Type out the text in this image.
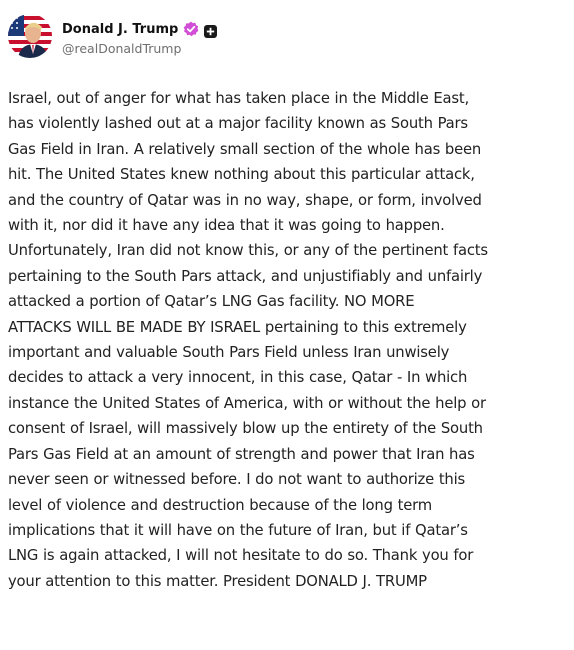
Donald J. Trump
@realDonaldTrump
Israel, out of anger for what has taken place in the Middle East,
has violently lashed out at a major facility known as South Pars
Gas Field in Iran. A relatively small section of the whole has been
hit. The United States knew nothing about this particular attack,
and the country of Qatar was in no way, shape, or form, involved
with it, nor did it have any idea that it was going to happen.
Unfortunately, Iran did not know this, or any of the pertinent facts
pertaining to the South Pars attack, and unjustifiably and unfairly
attacked a portion of Qatar’s LNG Gas facility. NO MORE
ATTACKS WILL BE MADE BY ISRAEL pertaining to this extremely
important and valuable South Pars Field unless Iran unwisely
decides to attack a very innocent, in this case, Qatar - In which
instance the United States of America, with or without the help or
consent of Israel, will massively blow up the entirety of the South
Pars Gas Field at an amount of strength and power that Iran has
never seen or witnessed before. I do not want to authorize this
level of violence and destruction because of the long term
implications that it will have on the future of Iran, but if Qatar’s
LNG is again attacked, I will not hesitate to do so. Thank you for
your attention to this matter. President DONALD J. TRUMP
